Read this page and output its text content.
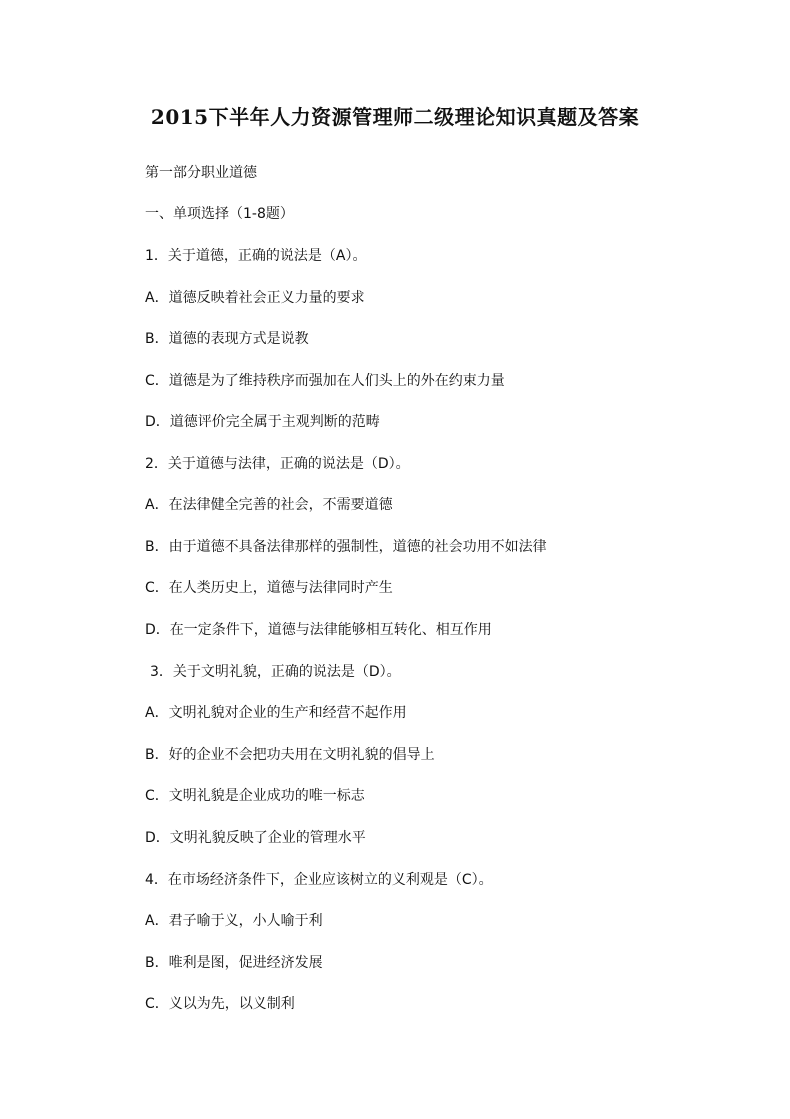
2015下半年人力资源管理师二级理论知识真题及答案
第一部分职业道德
一、单项选择（1-8题）
1．关于道德，正确的说法是（A）。
A．道德反映着社会正义力量的要求
B．道德的表现方式是说教
C．道德是为了维持秩序而强加在人们头上的外在约束力量
D．道德评价完全属于主观判断的范畴
2．关于道德与法律，正确的说法是（D）。
A．在法律健全完善的社会，不需要道德
B．由于道德不具备法律那样的强制性，道德的社会功用不如法律
C．在人类历史上，道德与法律同时产生
D．在一定条件下，道德与法律能够相互转化、相互作用
3．关于文明礼貌，正确的说法是（D）。
A．文明礼貌对企业的生产和经营不起作用
B．好的企业不会把功夫用在文明礼貌的倡导上
C．文明礼貌是企业成功的唯一标志
D．文明礼貌反映了企业的管理水平
4．在市场经济条件下，企业应该树立的义利观是（C）。
A．君子喻于义，小人喻于利
B．唯利是图，促进经济发展
C．义以为先，以义制利
